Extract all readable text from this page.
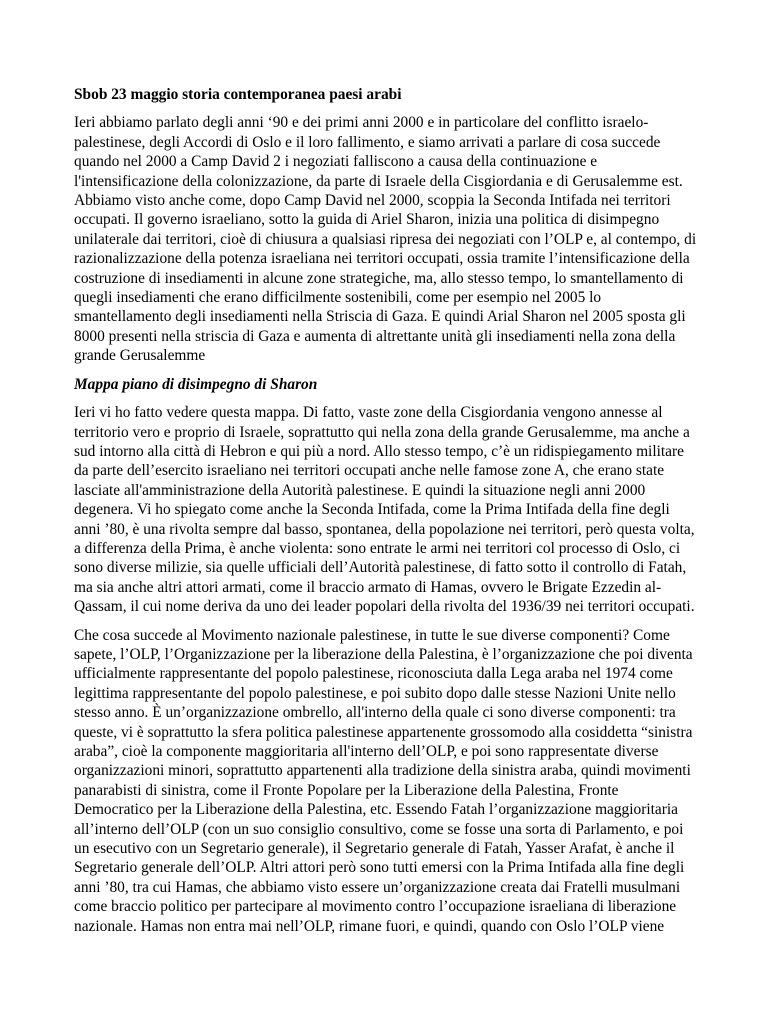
Sbob 23 maggio storia contemporanea paesi arabi

Ieri abbiamo parlato degli anni ‘90 e dei primi anni 2000 e in particolare del conflitto israelo-palestinese, degli Accordi di Oslo e il loro fallimento, e siamo arrivati a parlare di cosa succede quando nel 2000 a Camp David 2 i negoziati falliscono a causa della continuazione e l'intensificazione della colonizzazione, da parte di Israele della Cisgiordania e di Gerusalemme est. Abbiamo visto anche come, dopo Camp David nel 2000, scoppia la Seconda Intifada nei territori occupati. Il governo israeliano, sotto la guida di Ariel Sharon, inizia una politica di disimpegno unilaterale dai territori, cioè di chiusura a qualsiasi ripresa dei negoziati con l’OLP e, al contempo, di razionalizzazione della potenza israeliana nei territori occupati, ossia tramite l’intensificazione della costruzione di insediamenti in alcune zone strategiche, ma, allo stesso tempo, lo smantellamento di quegli insediamenti che erano difficilmente sostenibili, come per esempio nel 2005 lo smantellamento degli insediamenti nella Striscia di Gaza. E quindi Arial Sharon nel 2005 sposta gli 8000 presenti nella striscia di Gaza e aumenta di altrettante unità gli insediamenti nella zona della grande Gerusalemme

Mappa piano di disimpegno di Sharon

Ieri vi ho fatto vedere questa mappa. Di fatto, vaste zone della Cisgiordania vengono annesse al territorio vero e proprio di Israele, soprattutto qui nella zona della grande Gerusalemme, ma anche a sud intorno alla città di Hebron e qui più a nord. Allo stesso tempo, c’è un ridispiegamento militare da parte dell’esercito israeliano nei territori occupati anche nelle famose zone A, che erano state lasciate all'amministrazione della Autorità palestinese. E quindi la situazione negli anni 2000 degenera. Vi ho spiegato come anche la Seconda Intifada, come la Prima Intifada della fine degli anni ’80, è una rivolta sempre dal basso, spontanea, della popolazione nei territori, però questa volta, a differenza della Prima, è anche violenta: sono entrate le armi nei territori col processo di Oslo, ci sono diverse milizie, sia quelle ufficiali dell’Autorità palestinese, di fatto sotto il controllo di Fatah, ma sia anche altri attori armati, come il braccio armato di Hamas, ovvero le Brigate Ezzedin al-Qassam, il cui nome deriva da uno dei leader popolari della rivolta del 1936/39 nei territori occupati.

Che cosa succede al Movimento nazionale palestinese, in tutte le sue diverse componenti? Come sapete, l’OLP, l’Organizzazione per la liberazione della Palestina, è l’organizzazione che poi diventa ufficialmente rappresentante del popolo palestinese, riconosciuta dalla Lega araba nel 1974 come legittima rappresentante del popolo palestinese, e poi subito dopo dalle stesse Nazioni Unite nello stesso anno. È un’organizzazione ombrello, all'interno della quale ci sono diverse componenti: tra queste, vi è soprattutto la sfera politica palestinese appartenente grossomodo alla cosiddetta “sinistra araba”, cioè la componente maggioritaria all'interno dell’OLP, e poi sono rappresentate diverse organizzazioni minori, soprattutto appartenenti alla tradizione della sinistra araba, quindi movimenti panarabisti di sinistra, come il Fronte Popolare per la Liberazione della Palestina, Fronte Democratico per la Liberazione della Palestina, etc. Essendo Fatah l’organizzazione maggioritaria all’interno dell’OLP (con un suo consiglio consultivo, come se fosse una sorta di Parlamento, e poi un esecutivo con un Segretario generale), il Segretario generale di Fatah, Yasser Arafat, è anche il Segretario generale dell’OLP. Altri attori però sono tutti emersi con la Prima Intifada alla fine degli anni ’80, tra cui Hamas, che abbiamo visto essere un’organizzazione creata dai Fratelli musulmani come braccio politico per partecipare al movimento contro l’occupazione israeliana di liberazione nazionale. Hamas non entra mai nell’OLP, rimane fuori, e quindi, quando con Oslo l’OLP viene
